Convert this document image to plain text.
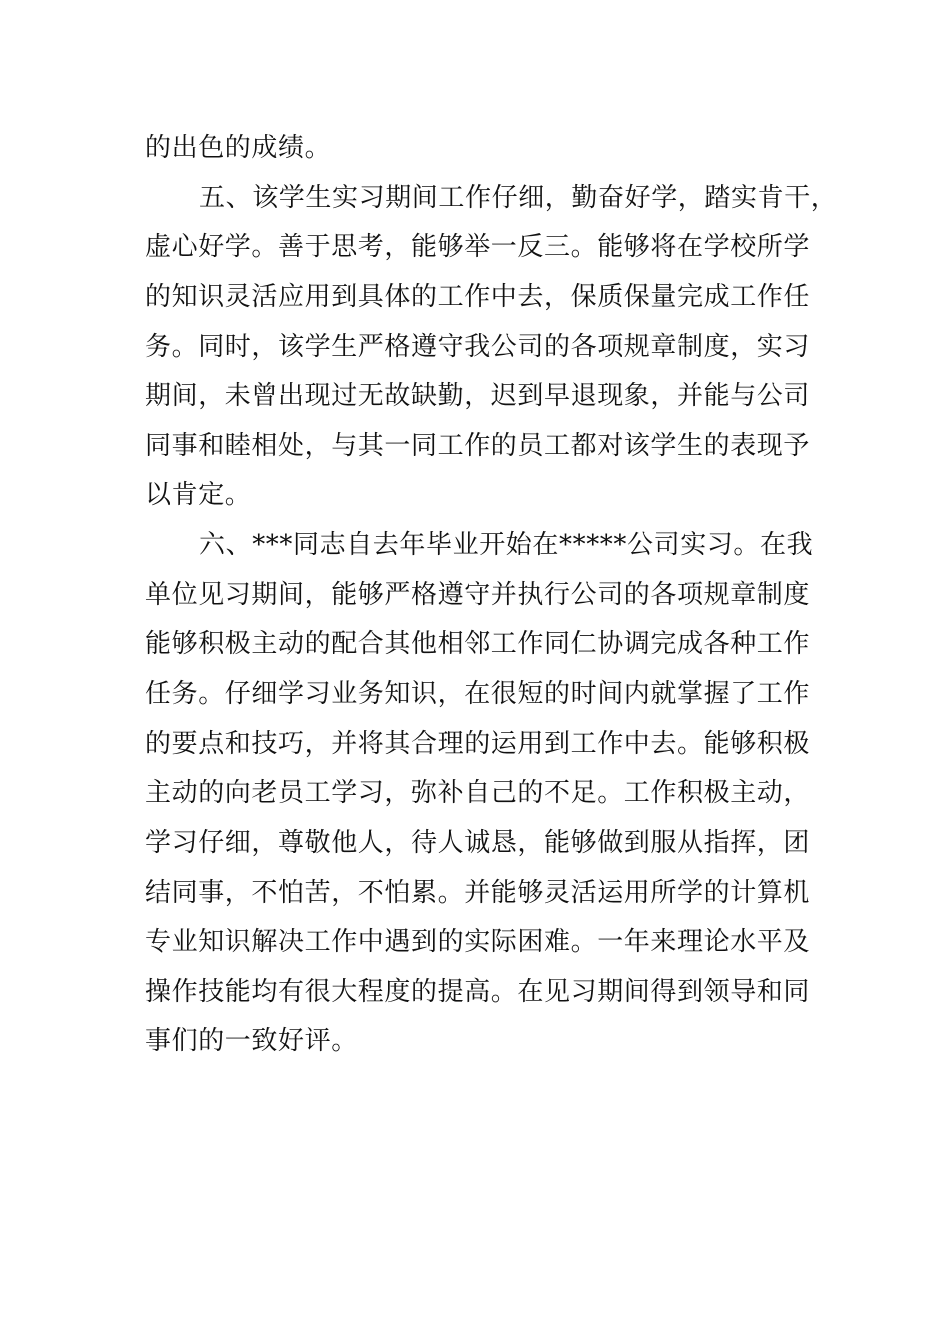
的出色的成绩。

五、该学生实习期间工作仔细，勤奋好学，踏实肯干，

虚心好学。善于思考，能够举一反三。能够将在学校所学

的知识灵活应用到具体的工作中去，保质保量完成工作任

务。同时，该学生严格遵守我公司的各项规章制度，实习

期间，未曾出现过无故缺勤，迟到早退现象，并能与公司

同事和睦相处，与其一同工作的员工都对该学生的表现予

以肯定。

六、***同志自去年毕业开始在*****公司实习。在我

单位见习期间，能够严格遵守并执行公司的各项规章制度

能够积极主动的配合其他相邻工作同仁协调完成各种工作

任务。仔细学习业务知识，在很短的时间内就掌握了工作

的要点和技巧，并将其合理的运用到工作中去。能够积极

主动的向老员工学习，弥补自己的不足。工作积极主动，

学习仔细，尊敬他人，待人诚恳，能够做到服从指挥，团

结同事，不怕苦，不怕累。并能够灵活运用所学的计算机

专业知识解决工作中遇到的实际困难。一年来理论水平及

操作技能均有很大程度的提高。在见习期间得到领导和同

事们的一致好评。
